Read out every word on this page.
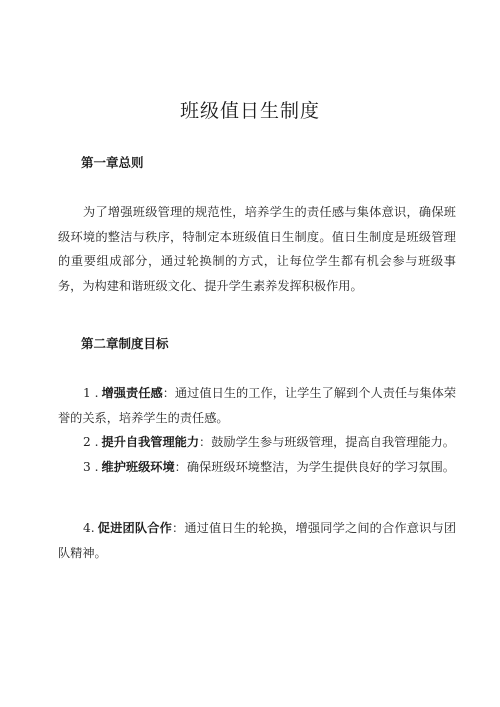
班级值日生制度
第一章总则
为了增强班级管理的规范性，培养学生的责任感与集体意识，确保班级环境的整洁与秩序，特制定本班级值日生制度。值日生制度是班级管理的重要组成部分，通过轮换制的方式，让每位学生都有机会参与班级事务，为构建和谐班级文化、提升学生素养发挥积极作用。
第二章制度目标
1 . 增强责任感：通过值日生的工作，让学生了解到个人责任与集体荣誉的关系，培养学生的责任感。
2 . 提升自我管理能力：鼓励学生参与班级管理，提高自我管理能力。
3 . 维护班级环境：确保班级环境整洁，为学生提供良好的学习氛围。
4. 促进团队合作：通过值日生的轮换，增强同学之间的合作意识与团队精神。
